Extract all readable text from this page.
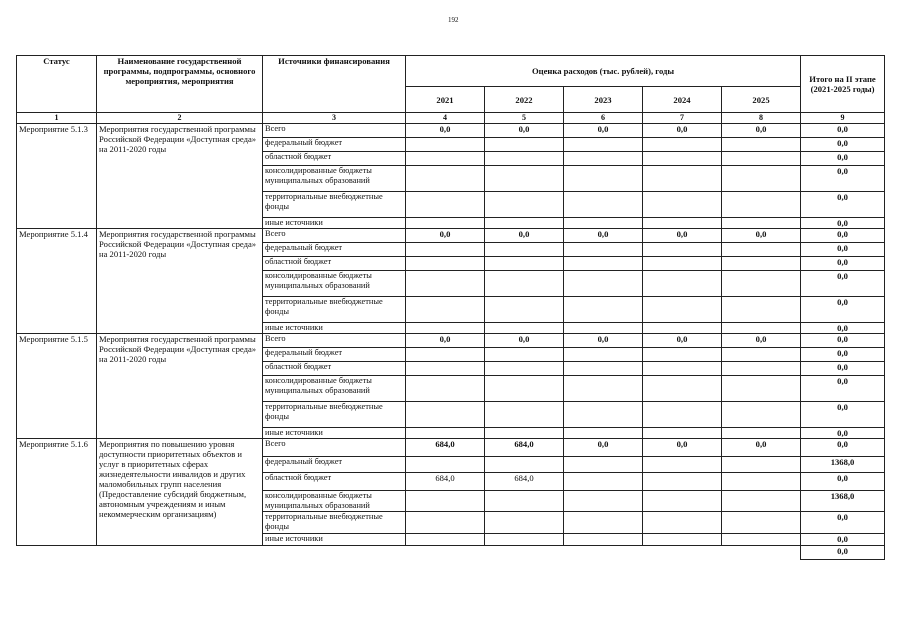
192
Статус	Наименование государственной программы, подпрограммы, основного мероприятия, мероприятия	Источники финансирования	Оценка расходов (тыс. рублей), годы					Итого на II этапе (2021-2025 годы)
			2021	2022	2023	2024	2025	
1	2	3	4	5	6	7	8	9
Мероприятие 5.1.3	Мероприятия государственной программы Российской Федерации «Доступная среда» на 2011-2020 годы	Всего	0,0	0,0	0,0	0,0	0,0	0,0
		федеральный бюджет						0,0
		областной бюджет						0,0
		консолидированные бюджеты муниципальных образований						0,0
		территориальные внебюджетные фонды						0,0
		иные источники						0,0
Мероприятие 5.1.4	Мероприятия государственной программы Российской Федерации «Доступная среда» на 2011-2020 годы	Всего	0,0	0,0	0,0	0,0	0,0	0,0
		федеральный бюджет						0,0
		областной бюджет						0,0
		консолидированные бюджеты муниципальных образований						0,0
		территориальные внебюджетные фонды						0,0
		иные источники						0,0
Мероприятие 5.1.5	Мероприятия государственной программы Российской Федерации «Доступная среда» на 2011-2020 годы	Всего	0,0	0,0	0,0	0,0	0,0	0,0
		федеральный бюджет						0,0
		областной бюджет						0,0
		консолидированные бюджеты муниципальных образований						0,0
		территориальные внебюджетные фонды						0,0
		иные источники						0,0
Мероприятие 5.1.6	Мероприятия по повышению уровня доступности приоритетных объектов и услуг в приоритетных сферах жизнедеятельности инвалидов и других маломобильных групп населения (Предоставление субсидий бюджетным, автономным учреждениям и иным некоммерческим организациям)	Всего	684,0	684,0	0,0	0,0	0,0	0,0
		федеральный бюджет						1368,0
		областной бюджет	684,0	684,0				0,0
		консолидированные бюджеты муниципальных образований						1368,0
		территориальные внебюджетные фонды						0,0
		иные источники						0,0
								0,0
